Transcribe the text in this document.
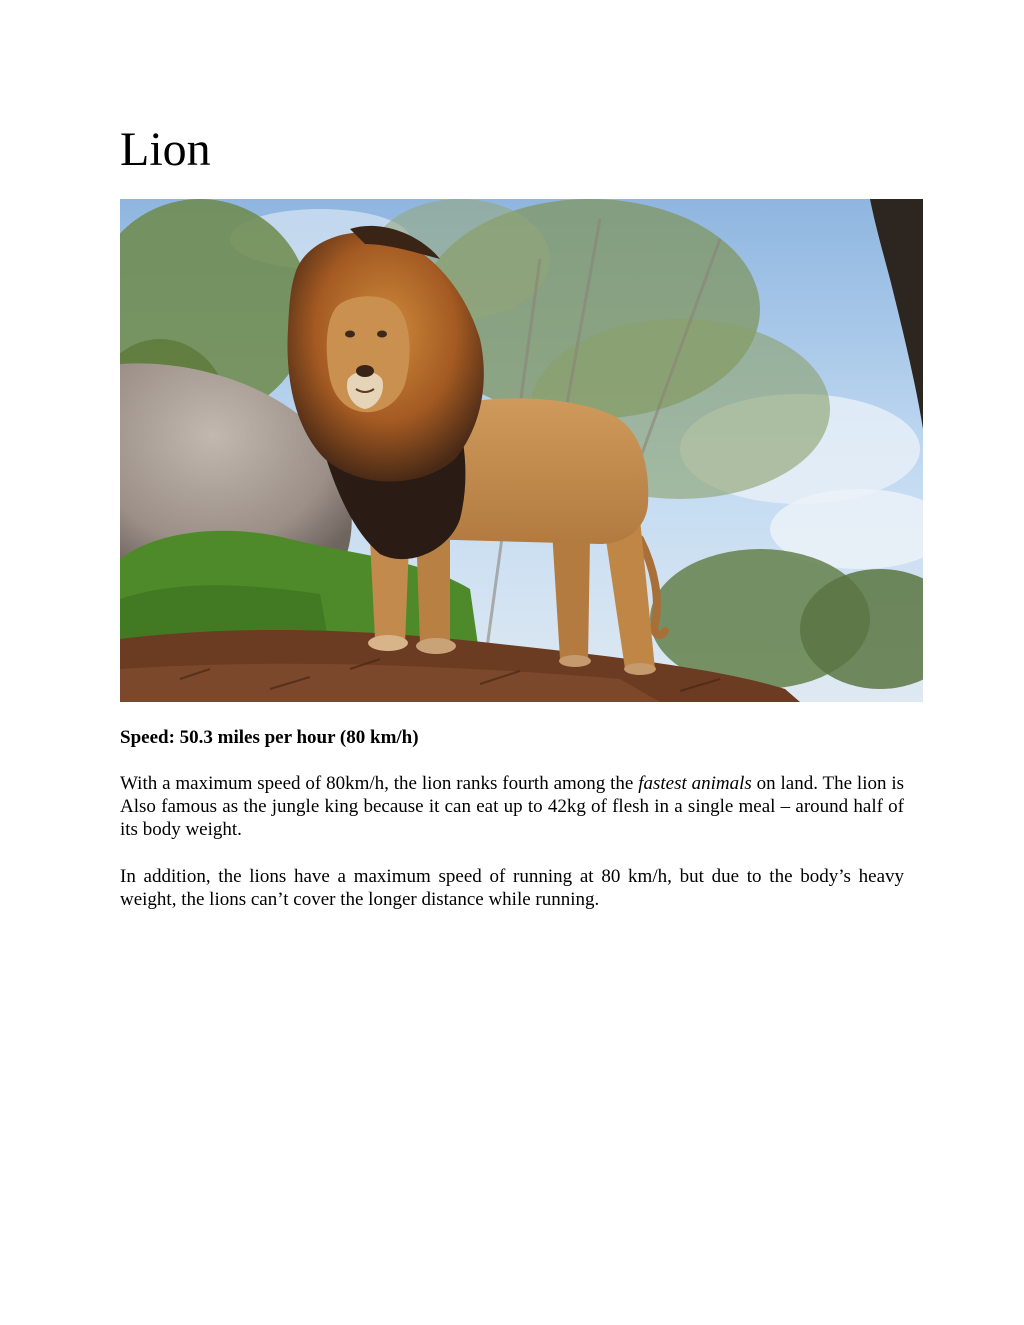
Lion

Speed: 50.3 miles per hour (80 km/h)

With a maximum speed of 80km/h, the lion ranks fourth among the fastest animals on land. The lion is Also famous as the jungle king because it can eat up to 42kg of flesh in a single meal – around half of its body weight.

In addition, the lions have a maximum speed of running at 80 km/h, but due to the body’s heavy weight, the lions can’t cover the longer distance while running.
